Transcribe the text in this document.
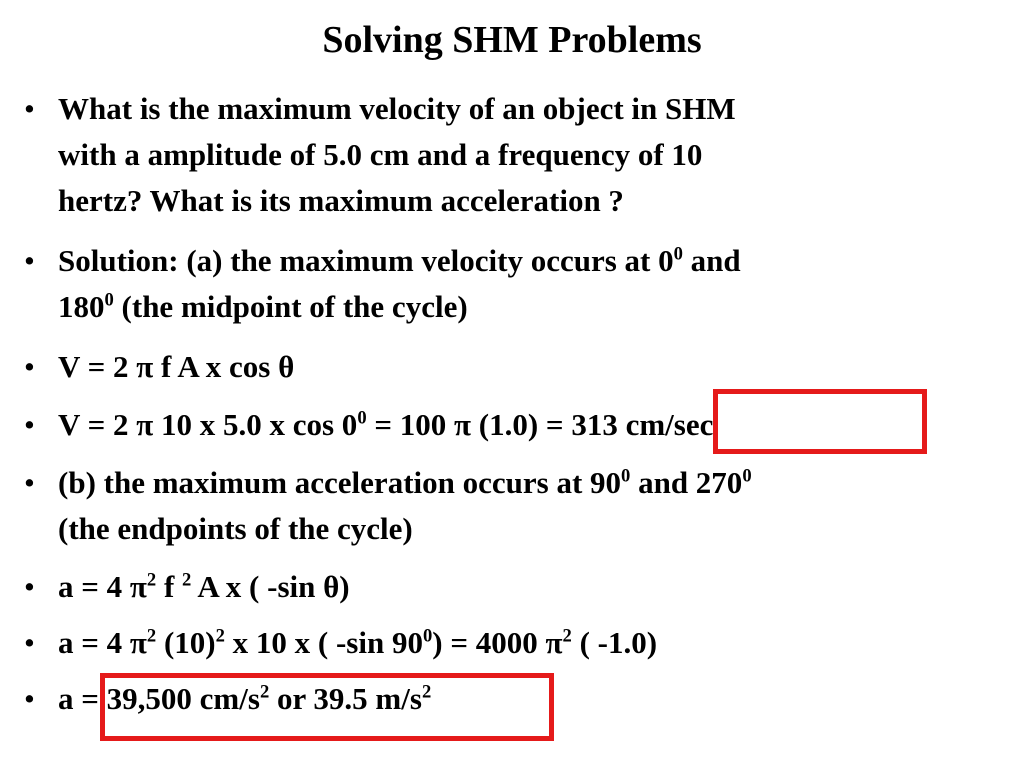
Solving SHM Problems
• What is the maximum velocity of an object in SHM
with a amplitude of 5.0 cm and a frequency of 10
hertz? What is its maximum acceleration ?
• Solution: (a) the maximum velocity occurs at $0^0$ and
$180^0$ (the midpoint of the cycle)
• V = 2 π f A x cos θ
• V = 2 π 10 x 5.0 x $\cos 0^0 = 100$ π (1.0) = 313 cm/sec
• (b) the maximum acceleration occurs at $90^0$ and $270^0$
(the endpoints of the cycle)
• a = 4 $\pi^2$ f $^2$ A x ( -sin θ)
• a = 4 $\pi^2$ $(10)^2$ x 10 x ( -sin $90^0) = 4000$ $\pi^2$ ( -1.0)
• a = 39,500 $cm/s^2$ or 39.5 $m/s^2$
